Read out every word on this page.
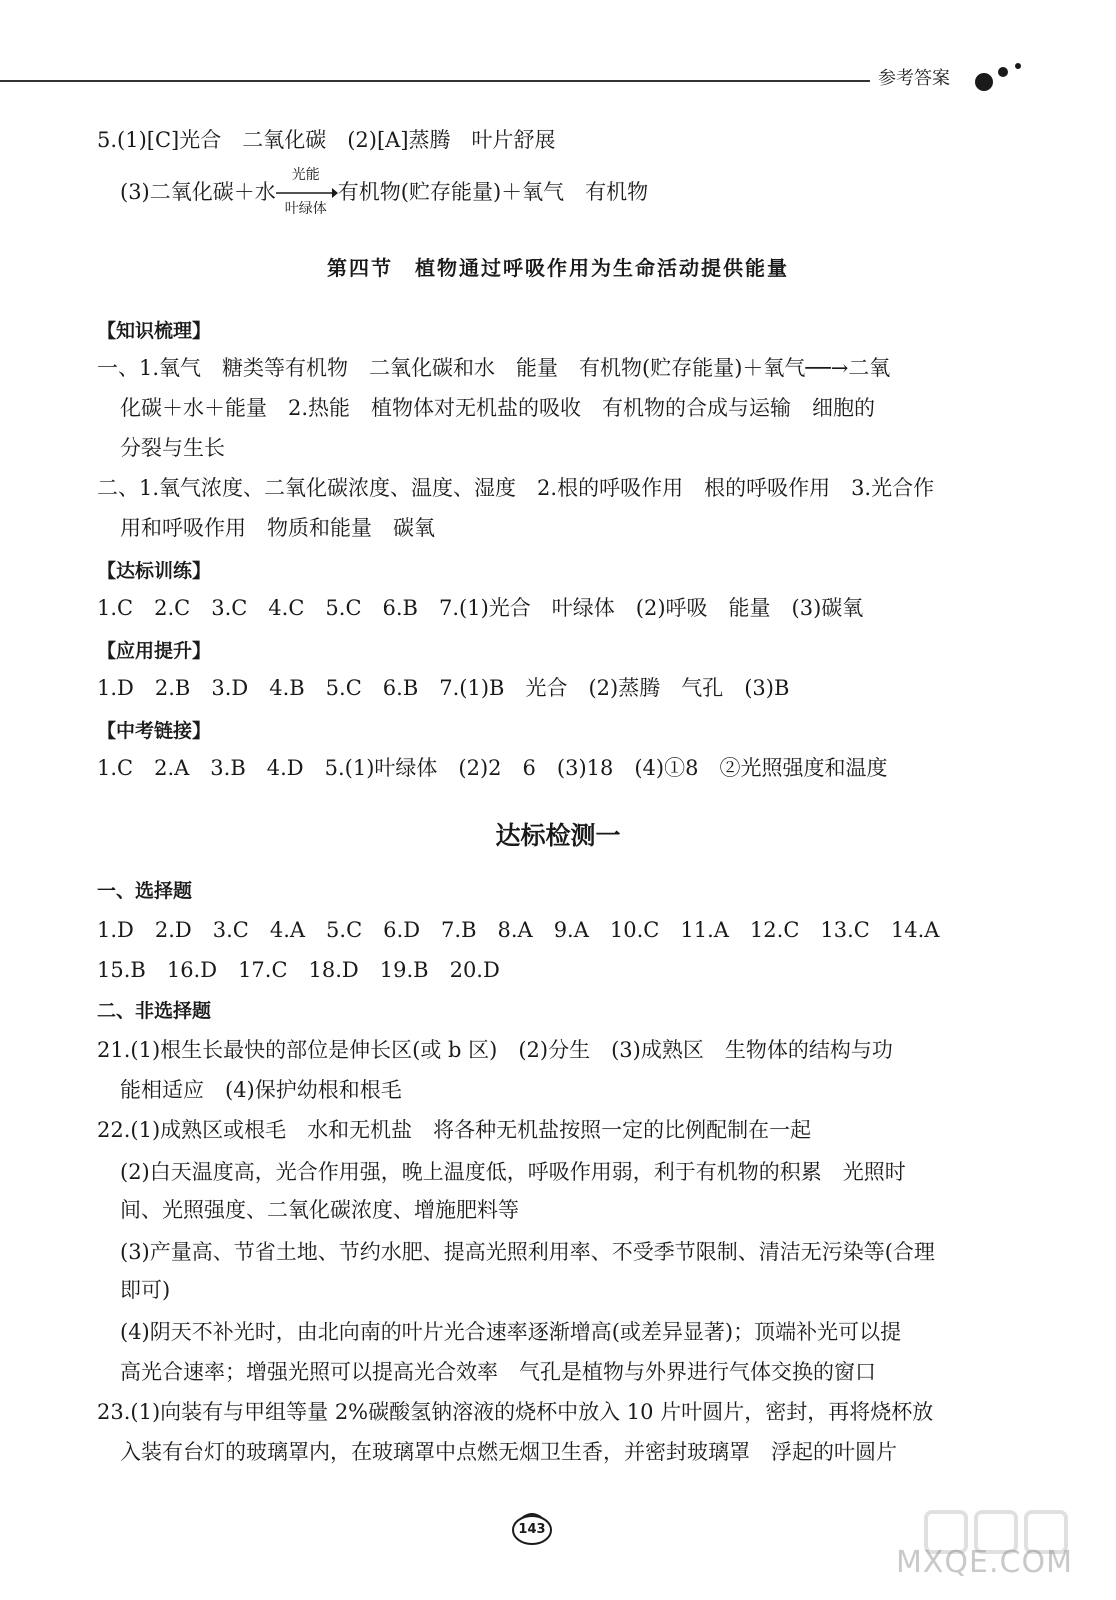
参考答案
5.(1)[C]光合　二氧化碳　(2)[A]蒸腾　叶片舒展
(3)二氧化碳＋水
光能
叶绿体
有机物(贮存能量)＋氧气　有机物
第四节　植物通过呼吸作用为生命活动提供能量
【知识梳理】
一、1.氧气　糖类等有机物　二氧化碳和水　能量　有机物(贮存能量)＋氧气──→二氧
化碳＋水＋能量　2.热能　植物体对无机盐的吸收　有机物的合成与运输　细胞的
分裂与生长
二、1.氧气浓度、二氧化碳浓度、温度、湿度　2.根的呼吸作用　根的呼吸作用　3.光合作
用和呼吸作用　物质和能量　碳氧
【达标训练】
1.C　2.C　3.C　4.C　5.C　6.B　7.(1)光合　叶绿体　(2)呼吸　能量　(3)碳氧
【应用提升】
1.D　2.B　3.D　4.B　5.C　6.B　7.(1)B　光合　(2)蒸腾　气孔　(3)B
【中考链接】
1.C　2.A　3.B　4.D　5.(1)叶绿体　(2)2　6　(3)18　(4)①8　②光照强度和温度
达标检测一
一、选择题
1.D　2.D　3.C　4.A　5.C　6.D　7.B　8.A　9.A　10.C　11.A　12.C　13.C　14.A
15.B　16.D　17.C　18.D　19.B　20.D
二、非选择题
21.(1)根生长最快的部位是伸长区(或 b 区)　(2)分生　(3)成熟区　生物体的结构与功
能相适应　(4)保护幼根和根毛
22.(1)成熟区或根毛　水和无机盐　将各种无机盐按照一定的比例配制在一起
(2)白天温度高，光合作用强，晚上温度低，呼吸作用弱，利于有机物的积累　光照时
间、光照强度、二氧化碳浓度、增施肥料等
(3)产量高、节省土地、节约水肥、提高光照利用率、不受季节限制、清洁无污染等(合理
即可)
(4)阴天不补光时，由北向南的叶片光合速率逐渐增高(或差异显著)；顶端补光可以提
高光合速率；增强光照可以提高光合效率　气孔是植物与外界进行气体交换的窗口
23.(1)向装有与甲组等量 2%碳酸氢钠溶液的烧杯中放入 10 片叶圆片，密封，再将烧杯放
入装有台灯的玻璃罩内，在玻璃罩中点燃无烟卫生香，并密封玻璃罩　浮起的叶圆片
143
MXQE.COM
